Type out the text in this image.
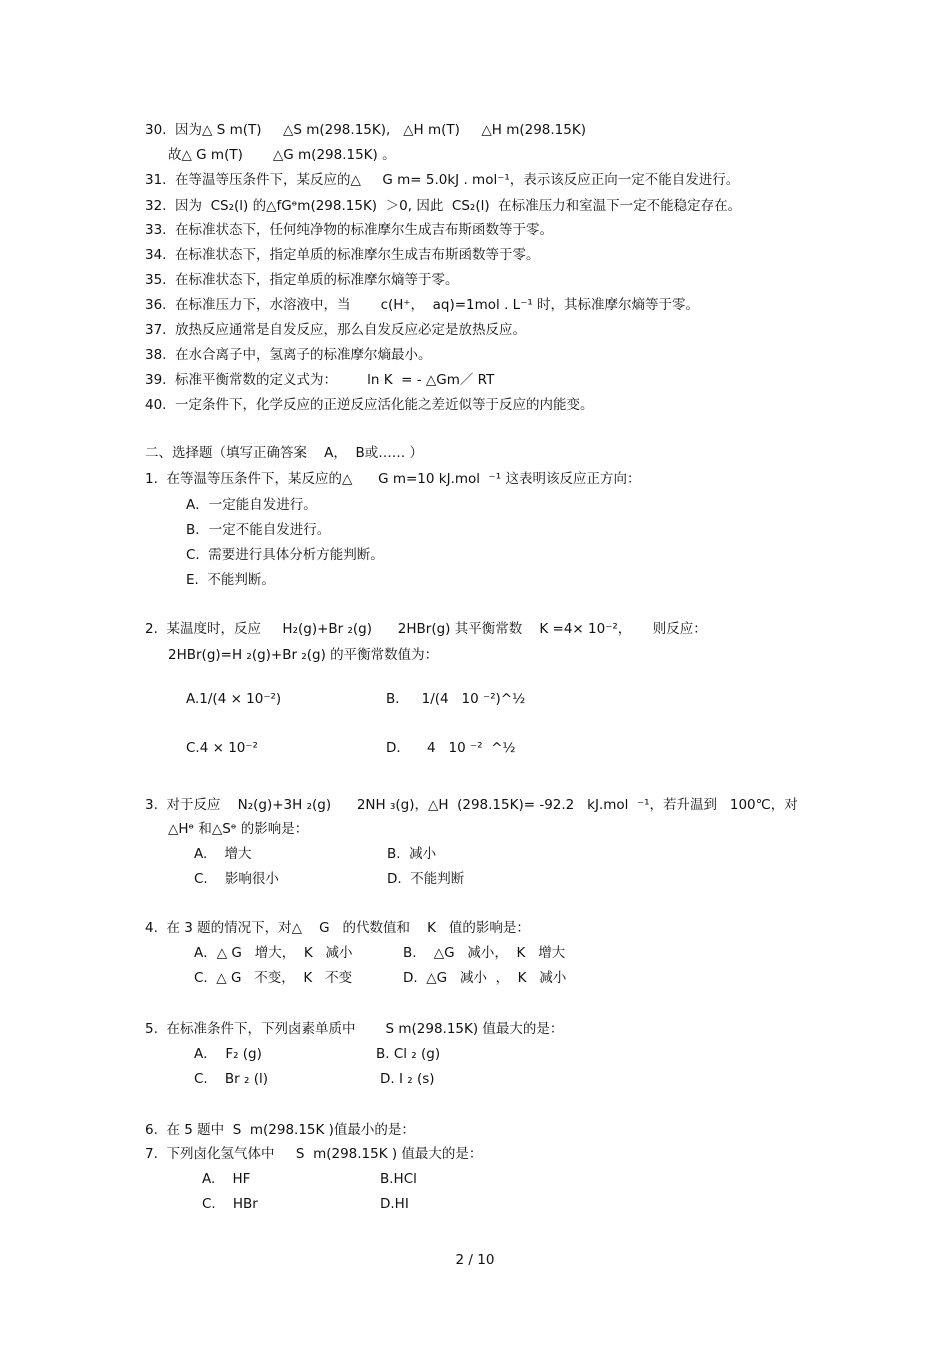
30.  因为△ S m(T)     △S m(298.15K),   △H m(T)     △H m(298.15K)
故△ G m(T)       △G m(298.15K) 。
31.  在等温等压条件下，某反应的△     G m= 5.0kJ . mol⁻¹，表示该反应正向一定不能自发进行。
32.  因为  CS₂(l) 的△fGᶱm(298.15K)  ＞0, 因此  CS₂(l)  在标准压力和室温下一定不能稳定存在。
33.  在标准状态下，任何纯净物的标准摩尔生成吉布斯函数等于零。
34.  在标准状态下，指定单质的标准摩尔生成吉布斯函数等于零。
35.  在标准状态下，指定单质的标准摩尔熵等于零。
36.  在标准压力下，水溶液中，当       c(H⁺，  aq)=1mol . L⁻¹ 时，其标准摩尔熵等于零。
37.  放热反应通常是自发反应，那么自发反应必定是放热反应。
38.  在水合离子中，氢离子的标准摩尔熵最小。
39.  标准平衡常数的定义式为：       ln K  = - △Gm／ RT
40.  一定条件下，化学反应的正逆反应活化能之差近似等于反应的内能变。
二、选择题（填写正确答案    A，  B或…… ）
1.  在等温等压条件下，某反应的△      G m=10 kJ.mol  ⁻¹ 这表明该反应正方向：
A．一定能自发进行。
B．一定不能自发进行。
C.  需要进行具体分析方能判断。
E.  不能判断。
2.  某温度时，反应     H₂(g)+Br ₂(g)      2HBr(g) 其平衡常数    K =4× 10⁻²，     则反应：
2HBr(g)=H ₂(g)+Br ₂(g) 的平衡常数值为：
A.1/(4 × 10⁻²)	B．   1/(4   10 ⁻²)^½
C.4 × 10⁻²	D．    4   10 ⁻²  ^½
3.  对于反应    N₂(g)+3H ₂(g)      2NH ₃(g)，△H  (298.15K)= -92.2   kJ.mol  ⁻¹，若升温到   100℃，对
△Hᶱ 和△Sᶱ 的影响是：
A.    增大	B.  减小
C.    影响很小	D.  不能判断
4.  在 3 题的情况下，对△    G   的代数值和    K   值的影响是：
A．△ G   增大，  K   减小	B.    △G   减小，  K   增大
C.  △ G   不变，  K   不变	D.  △G   减小  ，  K   减小
5.  在标准条件下，下列卤素单质中       S m(298.15K) 值最大的是：
A．  F₂ (g)	B. Cl ₂ (g)
C.    Br ₂ (l)	D. I ₂ (s)
6.  在 5 题中  S  m(298.15K )值最小的是：
7.  下列卤化氢气体中     S  m(298.15K ) 值最大的是：
A.    HF	B.HCl
C.    HBr	D.HI
2 / 10
